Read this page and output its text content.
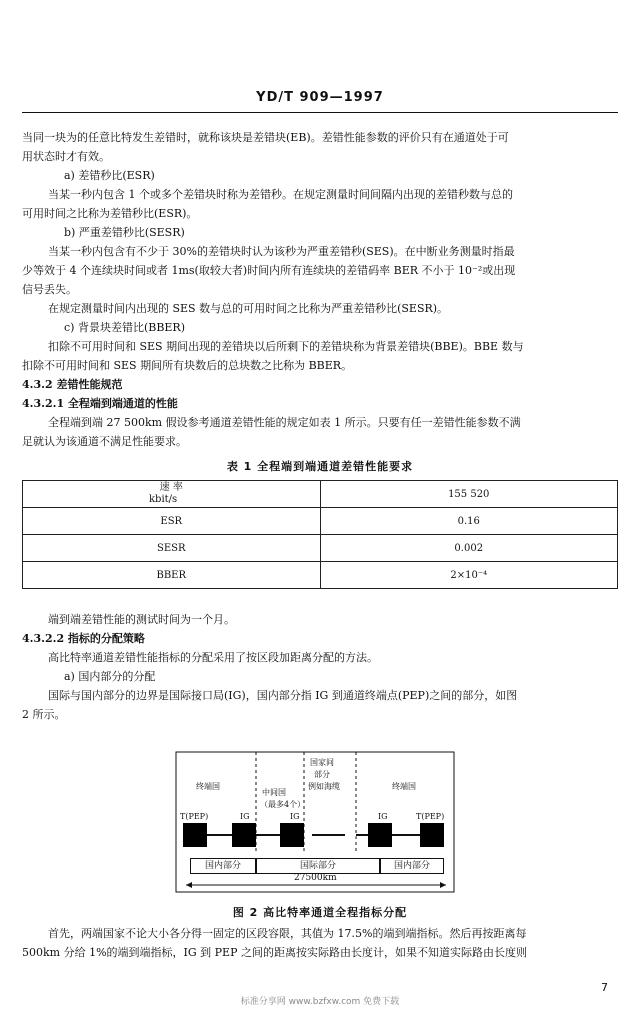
YD/T 909—1997
当同一块为的任意比特发生差错时，就称该块是差错块(EB)。差错性能参数的评价只有在通道处于可
用状态时才有效。
a) 差错秒比(ESR)
当某一秒内包含 1 个或多个差错块时称为差错秒。在规定测量时间间隔内出现的差错秒数与总的
可用时间之比称为差错秒比(ESR)。
b) 严重差错秒比(SESR)
当某一秒内包含有不少于 30%的差错块时认为该秒为严重差错秒(SES)。在中断业务测量时指最
少等效于 4 个连续块时间或者 1ms(取较大者)时间内所有连续块的差错码率 BER 不小于 10⁻²或出现
信号丢失。
在规定测量时间内出现的 SES 数与总的可用时间之比称为严重差错秒比(SESR)。
c) 背景块差错比(BBER)
扣除不可用时间和 SES 期间出现的差错块以后所剩下的差错块称为背景差错块(BBE)。BBE 数与
扣除不可用时间和 SES 期间所有块数后的总块数之比称为 BBER。
4.3.2 差错性能规范
4.3.2.1 全程端到端通道的性能
全程端到端 27 500km 假设参考通道差错性能的规定如表 1 所示。只要有任一差错性能参数不满
足就认为该通道不满足性能要求。
表 1 全程端到端通道差错性能要求
速 率
kbit/s	155 520
ESR	0.16
SESR	0.002
BBER	2×10⁻⁴
端到端差错性能的测试时间为一个月。
4.3.2.2 指标的分配策略
高比特率通道差错性能指标的分配采用了按区段加距离分配的方法。
a) 国内部分的分配
国际与国内部分的边界是国际接口局(IG)，国内部分指 IG 到通道终端点(PEP)之间的部分，如图
2 所示。
终端国
中间国
（最多4个）
国家间
部分
例如海缆	终端国
T(PEP)	IG	IG	IG	T(PEP)
国内部分	国际部分	国内部分
27500km
图 2 高比特率通道全程指标分配
首先，两端国家不论大小各分得一固定的区段容限，其值为 17.5%的端到端指标。然后再按距离每
500km 分给 1%的端到端指标，IG 到 PEP 之间的距离按实际路由长度计，如果不知道实际路由长度则
7
标准分享网 www.bzfxw.com 免费下载
